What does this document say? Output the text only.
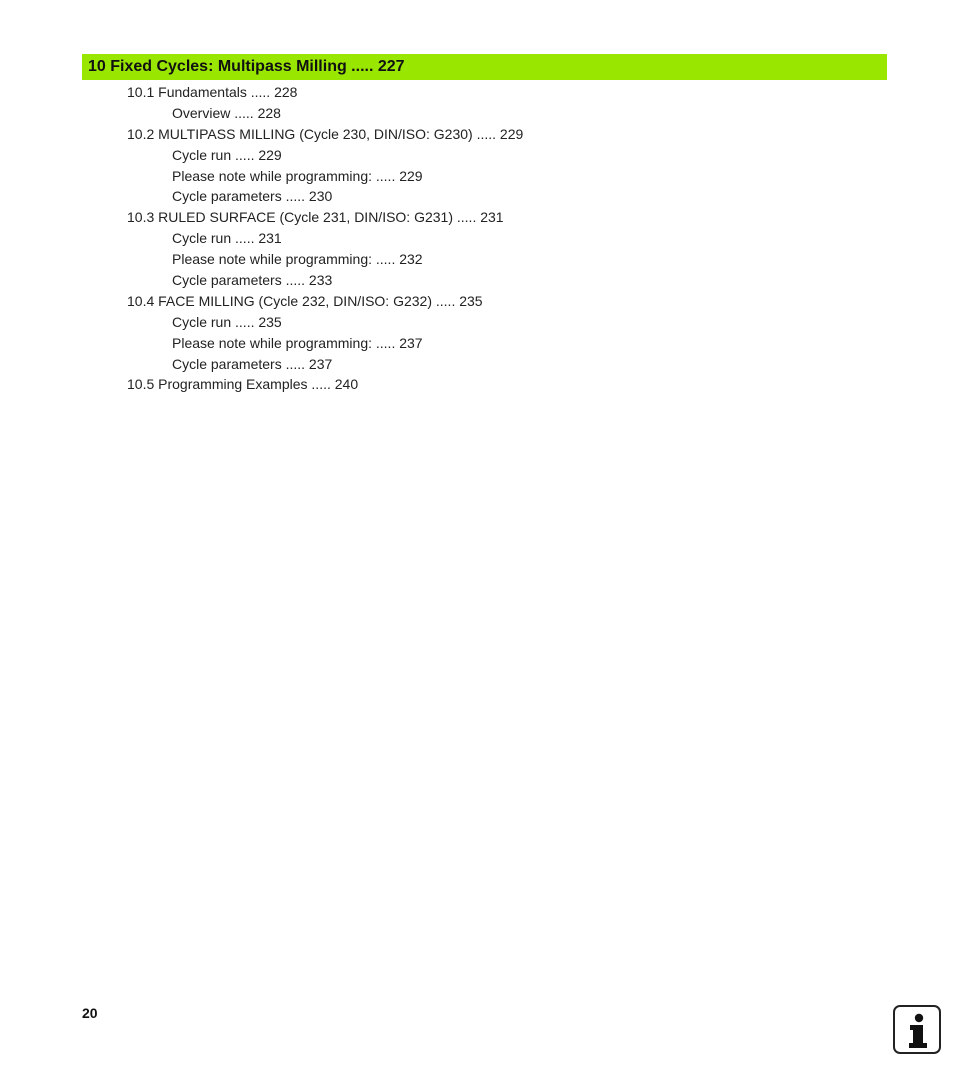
10 Fixed Cycles: Multipass Milling ..... 227
10.1 Fundamentals ..... 228
Overview ..... 228
10.2 MULTIPASS MILLING (Cycle 230, DIN/ISO: G230) ..... 229
Cycle run ..... 229
Please note while programming: ..... 229
Cycle parameters ..... 230
10.3 RULED SURFACE (Cycle 231, DIN/ISO: G231) ..... 231
Cycle run ..... 231
Please note while programming: ..... 232
Cycle parameters ..... 233
10.4 FACE MILLING (Cycle 232, DIN/ISO: G232) ..... 235
Cycle run ..... 235
Please note while programming: ..... 237
Cycle parameters ..... 237
10.5 Programming Examples ..... 240
20
